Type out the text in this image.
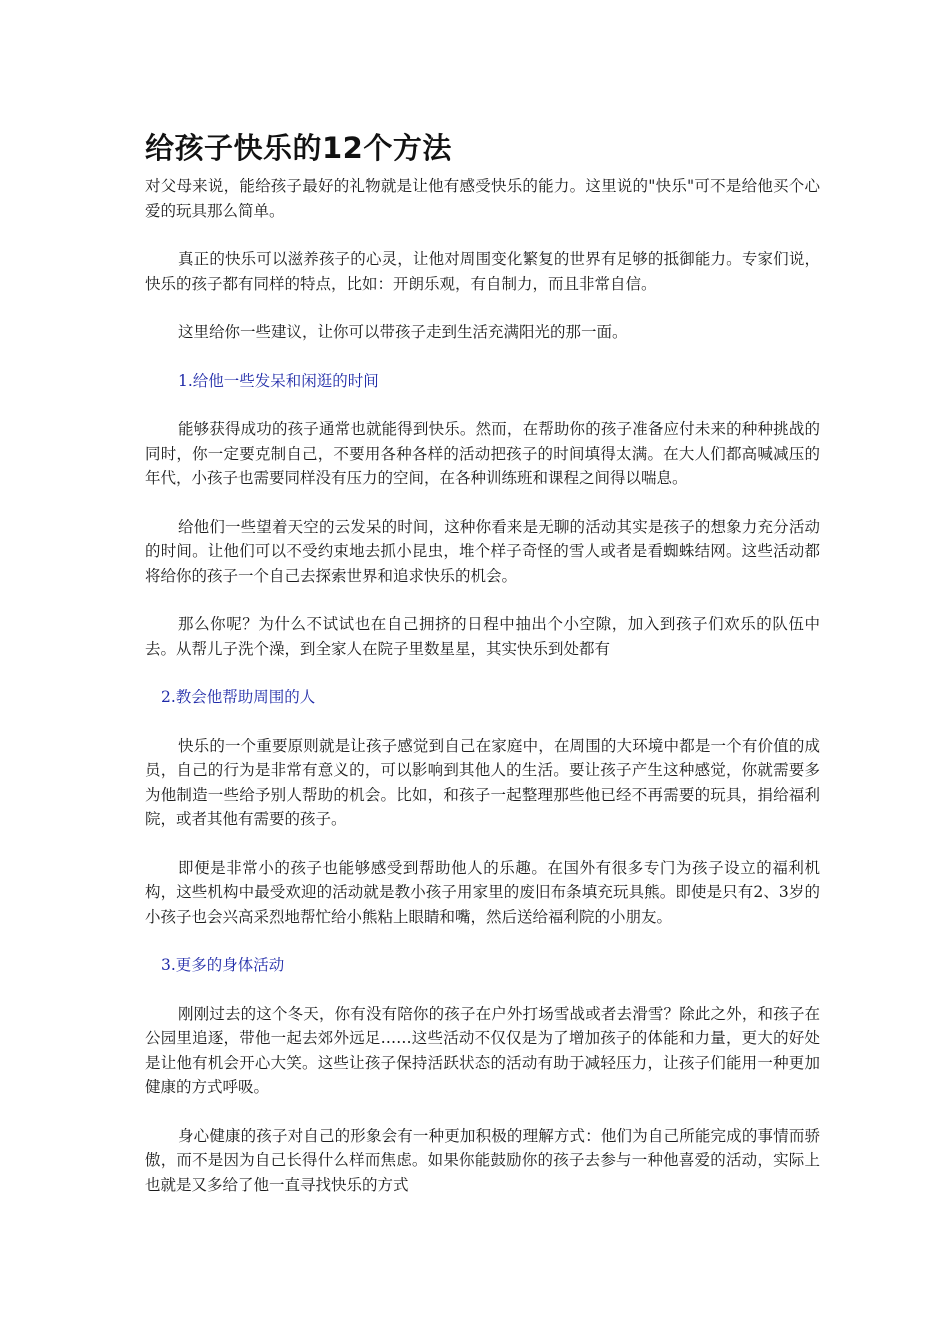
给孩子快乐的12个方法

对父母来说，能给孩子最好的礼物就是让他有感受快乐的能力。这里说的"快乐"可不是给他买个心爱的玩具那么简单。

真正的快乐可以滋养孩子的心灵，让他对周围变化繁复的世界有足够的抵御能力。专家们说，快乐的孩子都有同样的特点，比如：开朗乐观，有自制力，而且非常自信。

这里给你一些建议，让你可以带孩子走到生活充满阳光的那一面。

1.给他一些发呆和闲逛的时间

能够获得成功的孩子通常也就能得到快乐。然而，在帮助你的孩子准备应付未来的种种挑战的同时，你一定要克制自己，不要用各种各样的活动把孩子的时间填得太满。在大人们都高喊减压的年代，小孩子也需要同样没有压力的空间，在各种训练班和课程之间得以喘息。

给他们一些望着天空的云发呆的时间，这种你看来是无聊的活动其实是孩子的想象力充分活动的时间。让他们可以不受约束地去抓小昆虫，堆个样子奇怪的雪人或者是看蜘蛛结网。这些活动都将给你的孩子一个自己去探索世界和追求快乐的机会。

那么你呢？为什么不试试也在自己拥挤的日程中抽出个小空隙，加入到孩子们欢乐的队伍中去。从帮儿子洗个澡，到全家人在院子里数星星，其实快乐到处都有

2.教会他帮助周围的人

快乐的一个重要原则就是让孩子感觉到自己在家庭中，在周围的大环境中都是一个有价值的成员，自己的行为是非常有意义的，可以影响到其他人的生活。要让孩子产生这种感觉，你就需要多为他制造一些给予别人帮助的机会。比如，和孩子一起整理那些他已经不再需要的玩具，捐给福利院，或者其他有需要的孩子。

即便是非常小的孩子也能够感受到帮助他人的乐趣。在国外有很多专门为孩子设立的福利机构，这些机构中最受欢迎的活动就是教小孩子用家里的废旧布条填充玩具熊。即使是只有2、3岁的小孩子也会兴高采烈地帮忙给小熊粘上眼睛和嘴，然后送给福利院的小朋友。

3.更多的身体活动

刚刚过去的这个冬天，你有没有陪你的孩子在户外打场雪战或者去滑雪？除此之外，和孩子在公园里追逐，带他一起去郊外远足……这些活动不仅仅是为了增加孩子的体能和力量，更大的好处是让他有机会开心大笑。这些让孩子保持活跃状态的活动有助于减轻压力，让孩子们能用一种更加健康的方式呼吸。

身心健康的孩子对自己的形象会有一种更加积极的理解方式：他们为自己所能完成的事情而骄傲，而不是因为自己长得什么样而焦虑。如果你能鼓励你的孩子去参与一种他喜爱的活动，实际上也就是又多给了他一直寻找快乐的方式
